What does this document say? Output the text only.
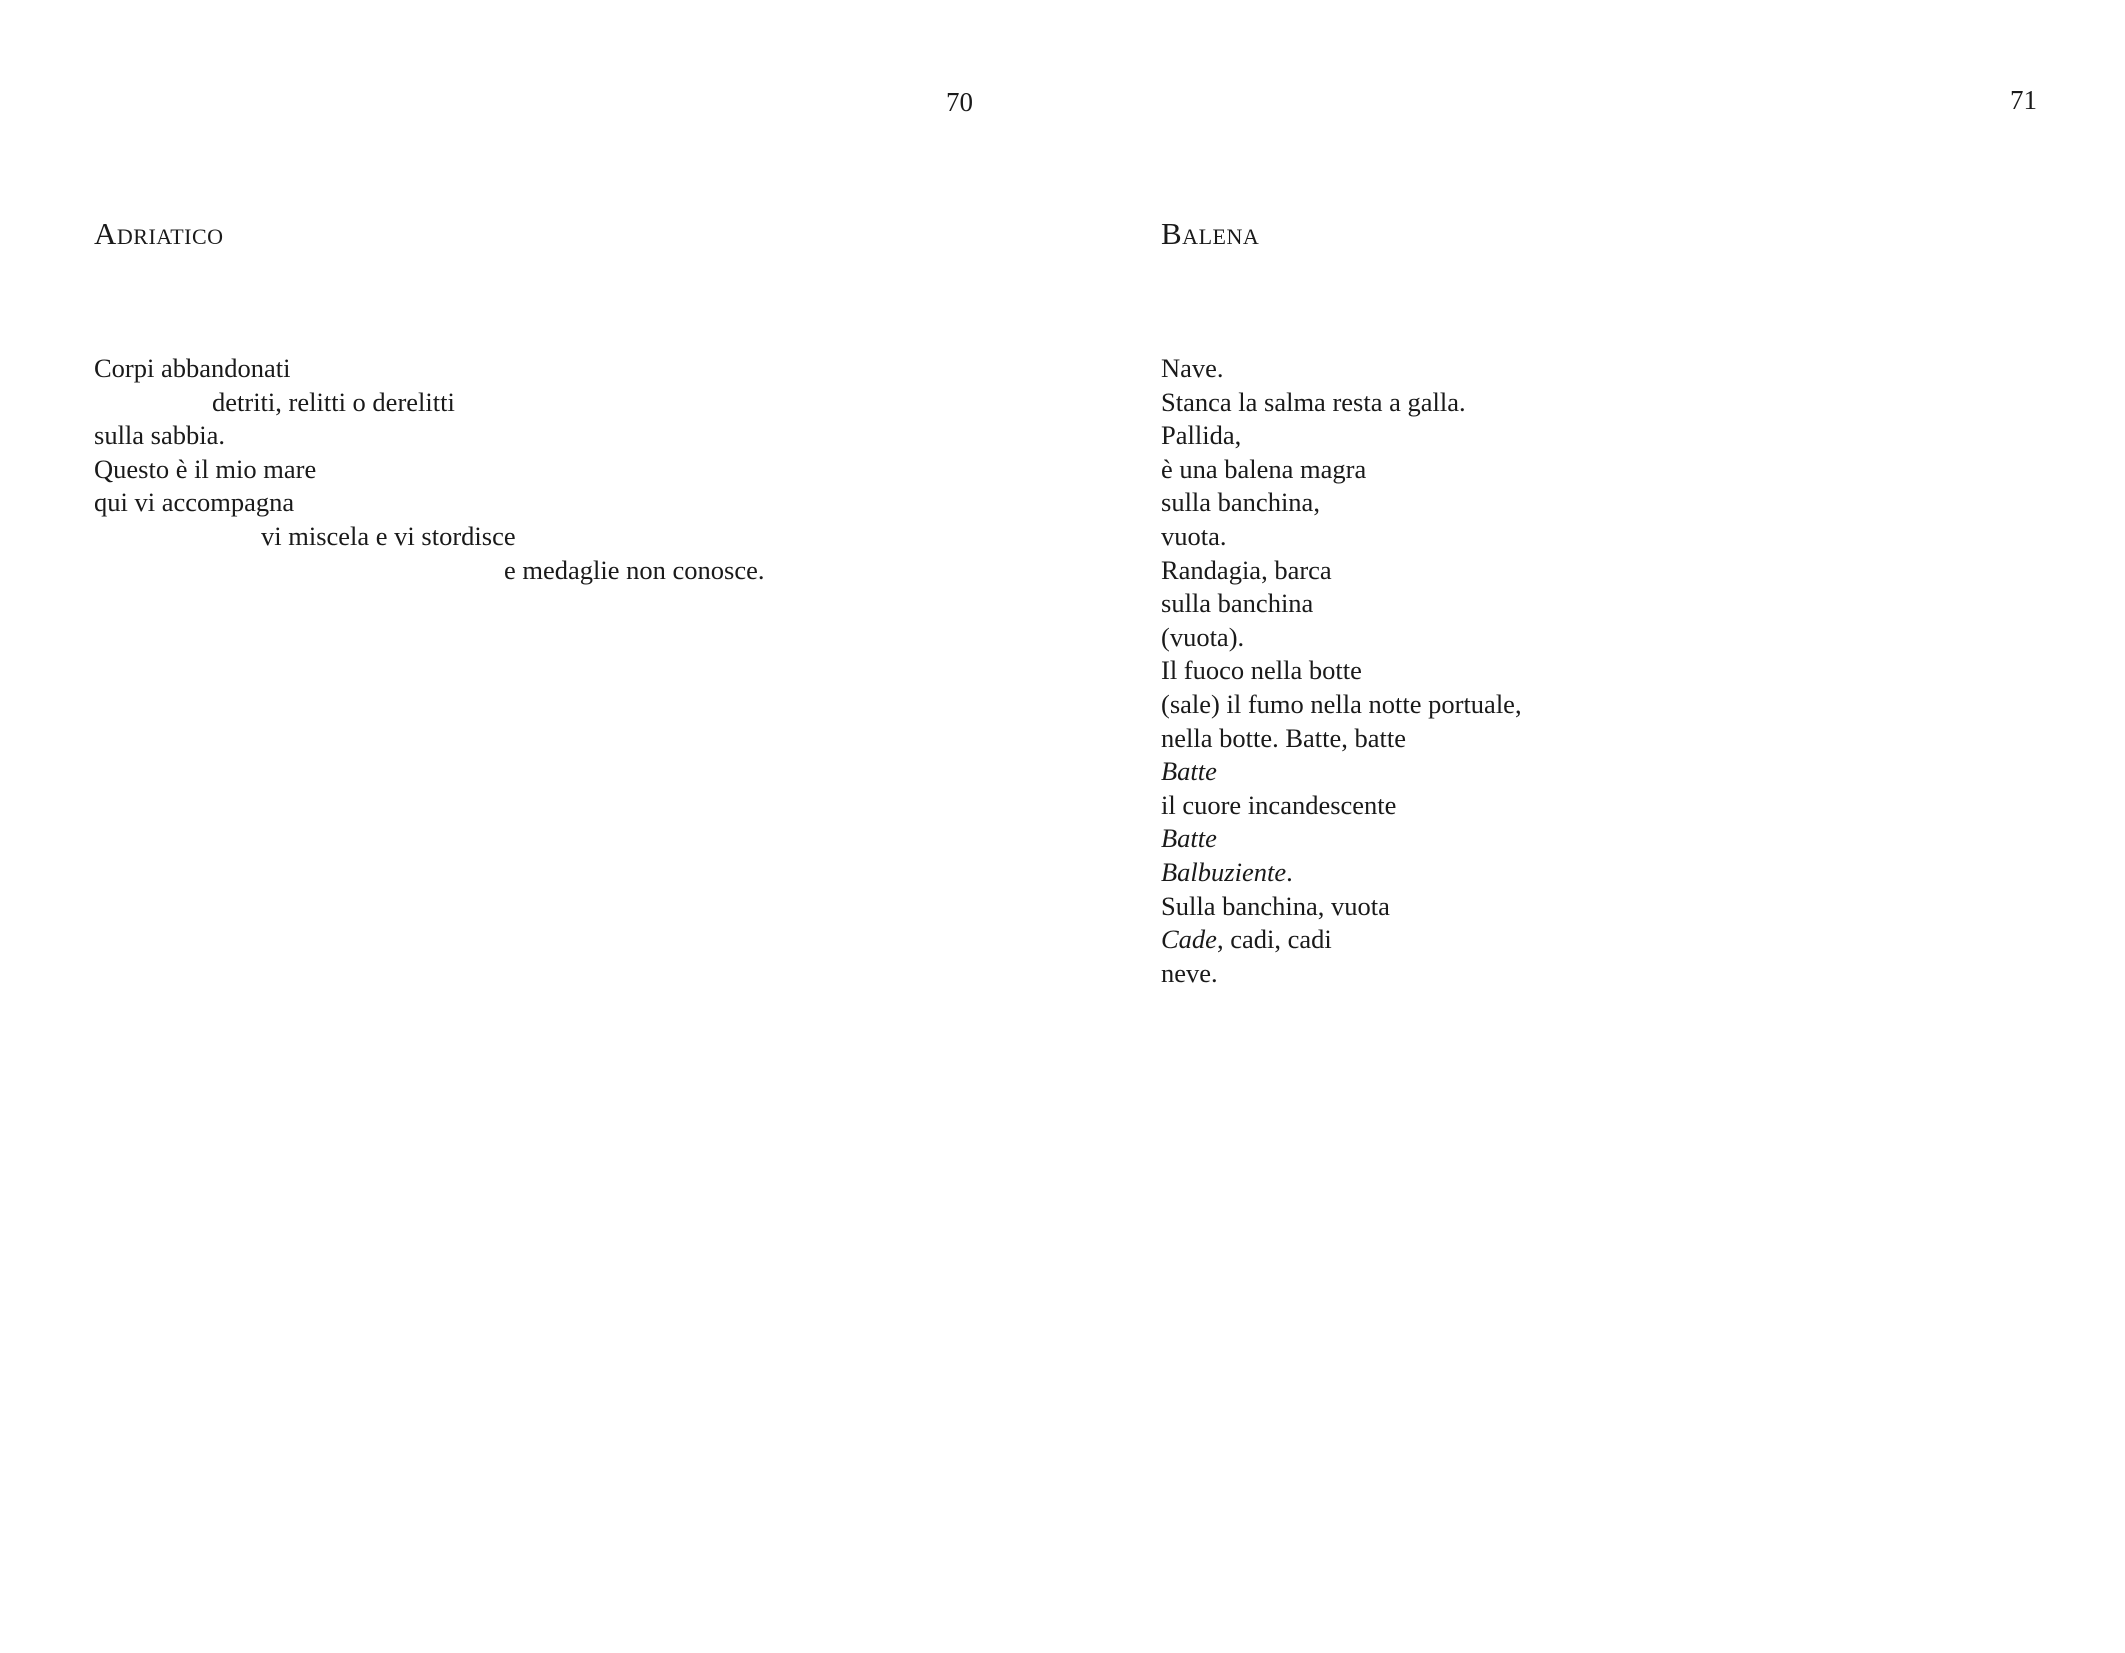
70
Adriatico
Corpi abbandonati
detriti, relitti o derelitti
sulla sabbia.
Questo è il mio mare
qui vi accompagna
vi miscela e vi stordisce
e medaglie non conosce.
71
Balena
Nave.
Stanca la salma resta a galla.
Pallida,
è una balena magra
sulla banchina,
vuota.
Randagia, barca
sulla banchina
(vuota).
Il fuoco nella botte
(sale) il fumo nella notte portuale,
nella botte. Batte, batte
Batte
il cuore incandescente
Batte
Balbuziente.
Sulla banchina, vuota
Cade, cadi, cadi
neve.
